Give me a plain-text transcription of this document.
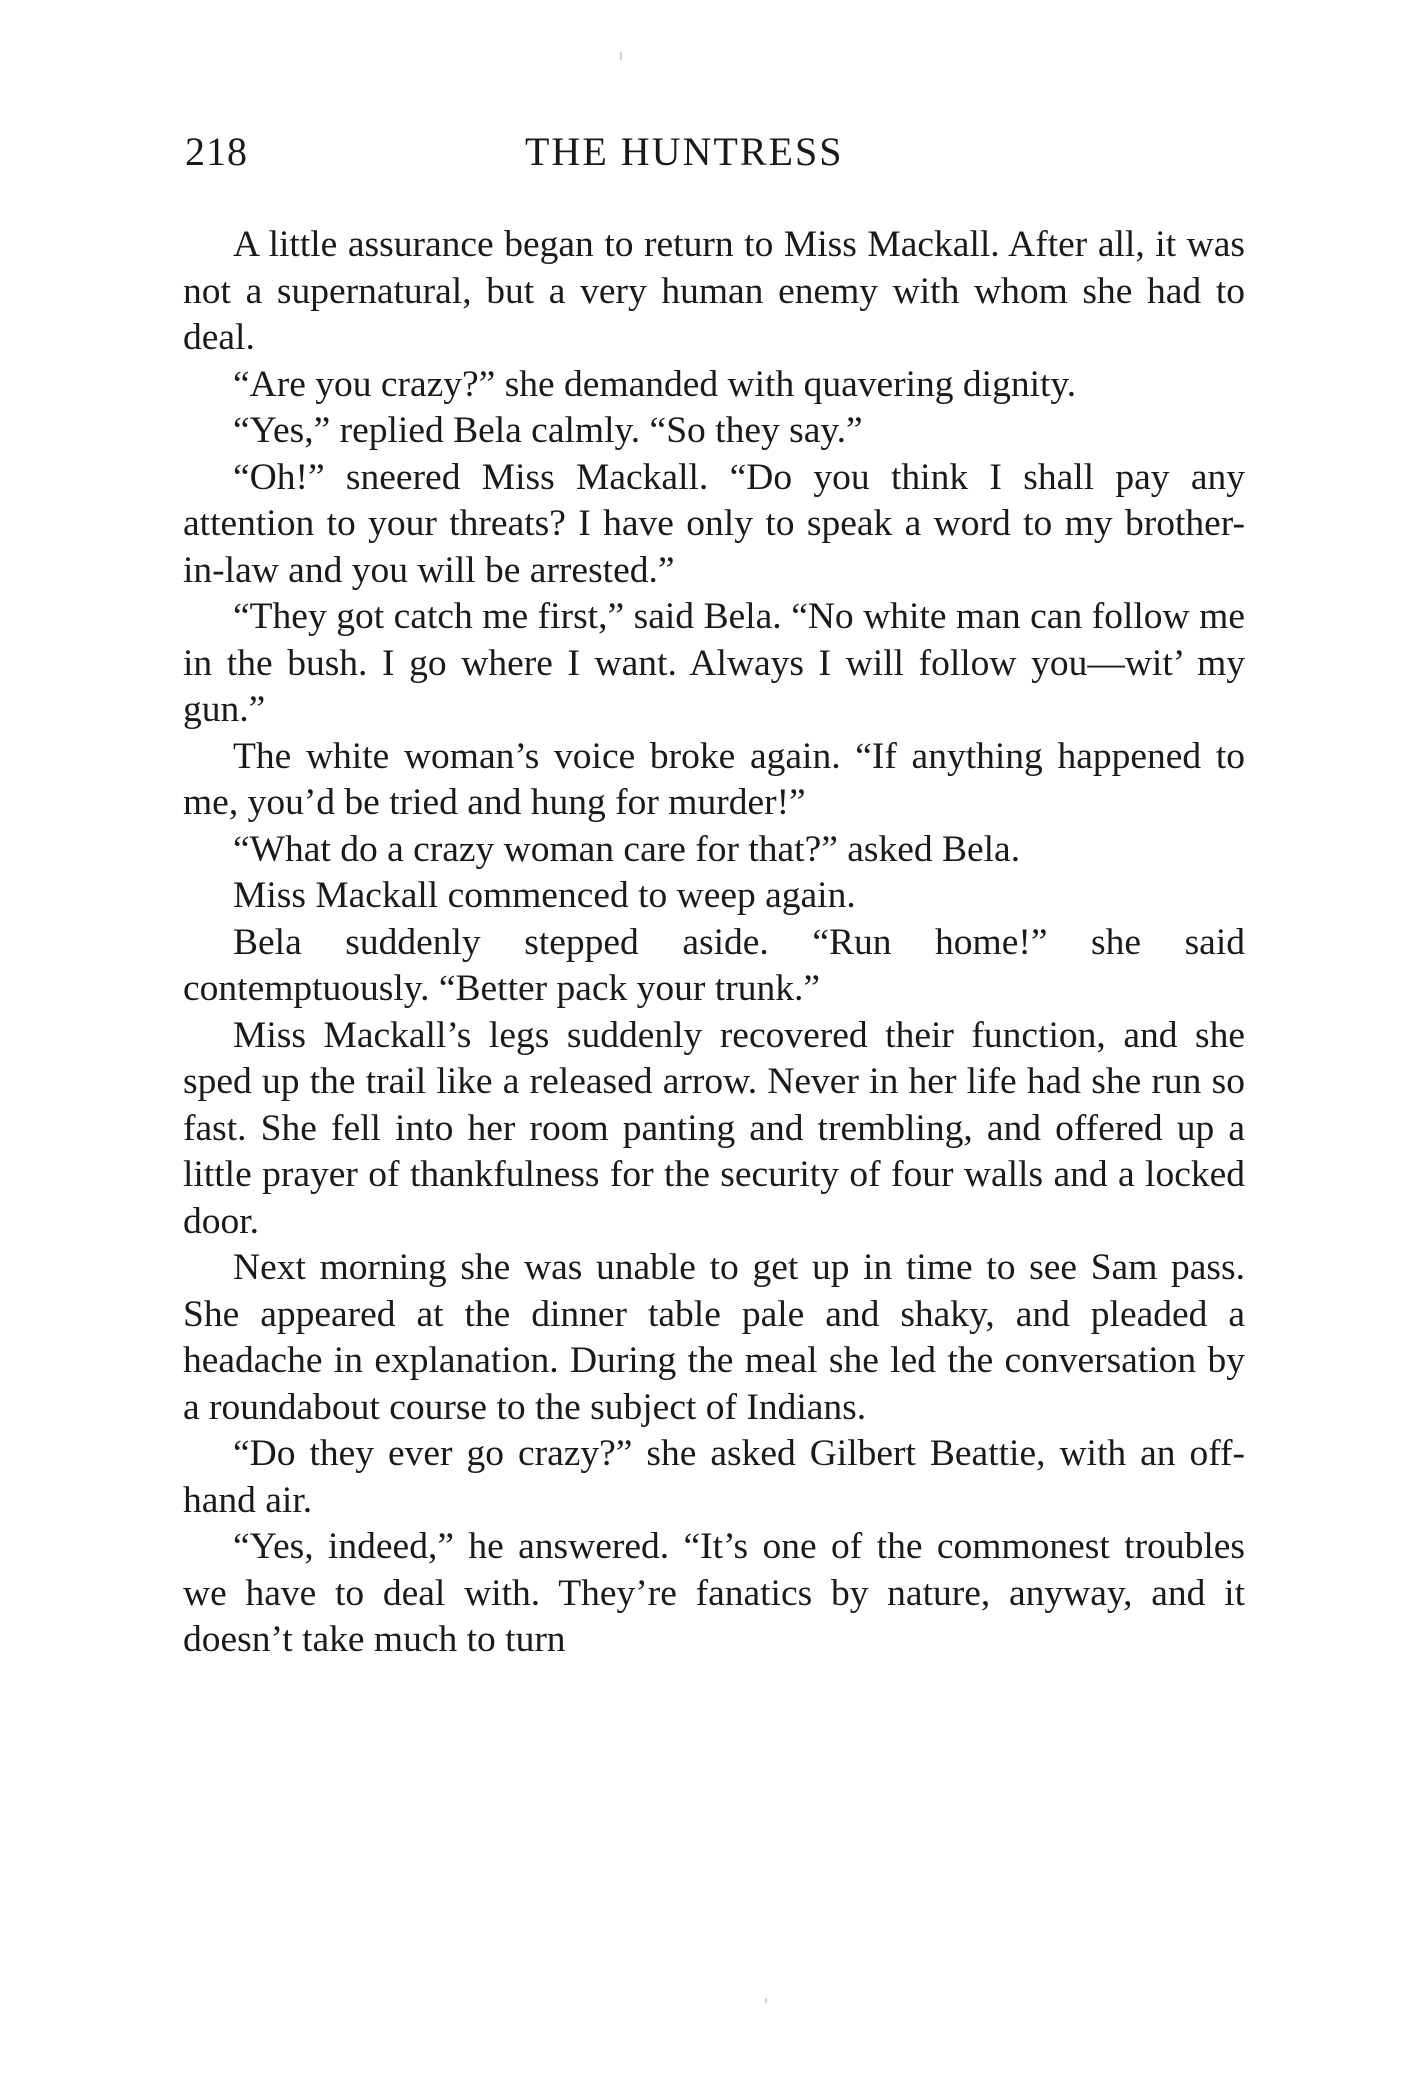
218	THE HUNTRESS

A little assurance began to return to Miss Mackall. After all, it was not a supernatural, but a very human enemy with whom she had to deal.

“Are you crazy?” she demanded with quavering dignity.

“Yes,” replied Bela calmly. “So they say.”

“Oh!” sneered Miss Mackall. “Do you think I shall pay any attention to your threats? I have only to speak a word to my brother-in-law and you will be arrested.”

“They got catch me first,” said Bela. “No white man can follow me in the bush. I go where I want. Always I will follow you—wit’ my gun.”

The white woman’s voice broke again. “If anything happened to me, you’d be tried and hung for murder!”

“What do a crazy woman care for that?” asked Bela.

Miss Mackall commenced to weep again.

Bela suddenly stepped aside. “Run home!” she said contemptuously. “Better pack your trunk.”

Miss Mackall’s legs suddenly recovered their function, and she sped up the trail like a released arrow. Never in her life had she run so fast. She fell into her room panting and trembling, and offered up a little prayer of thankfulness for the security of four walls and a locked door.

Next morning she was unable to get up in time to see Sam pass. She appeared at the dinner table pale and shaky, and pleaded a headache in explanation. During the meal she led the conversation by a roundabout course to the subject of Indians.

“Do they ever go crazy?” she asked Gilbert Beattie, with an off-hand air.

“Yes, indeed,” he answered. “It’s one of the commonest troubles we have to deal with. They’re fanatics by nature, anyway, and it doesn’t take much to turn
